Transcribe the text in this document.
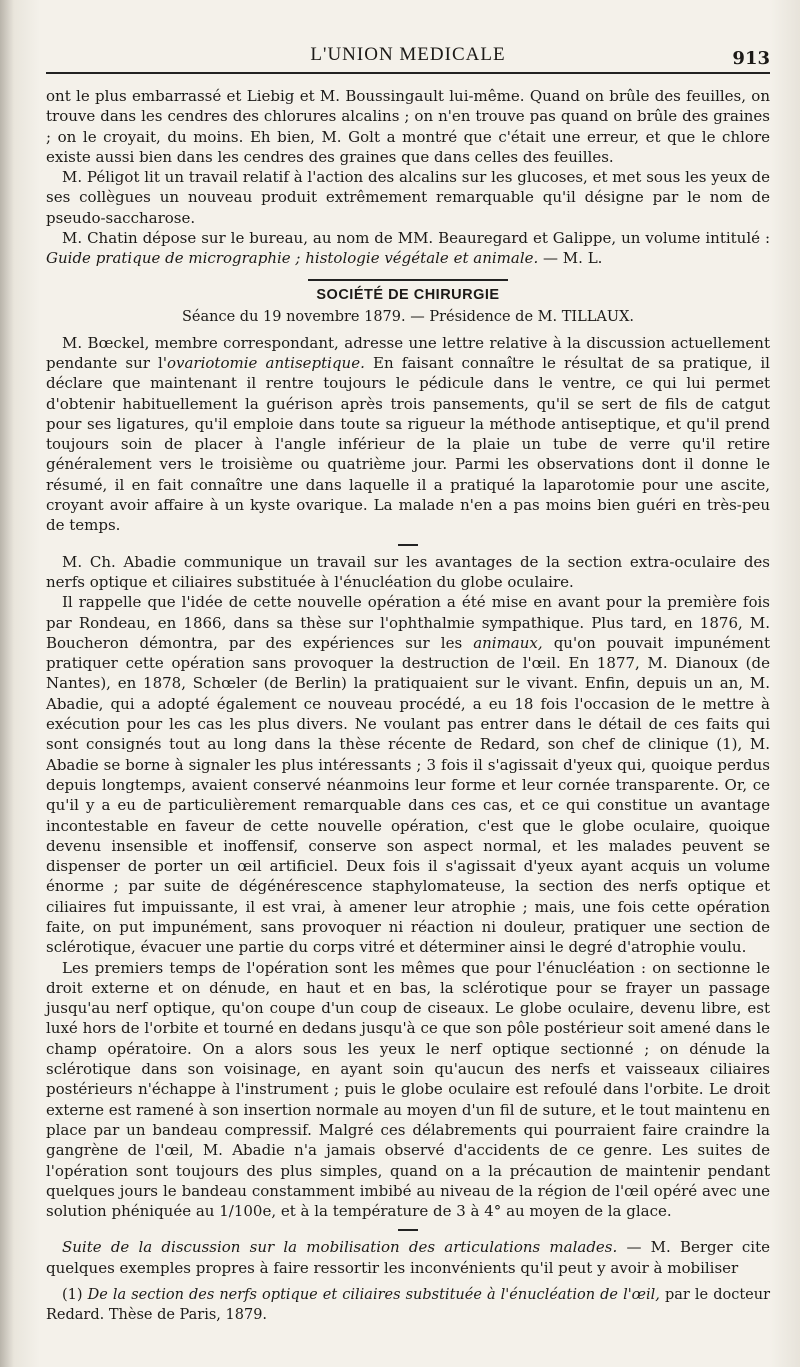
L'UNION MEDICALE	913

ont le plus embarrassé et Liebig et M. Boussingault lui-même. Quand on brûle des feuilles, on trouve dans les cendres des chlorures alcalins ; on n'en trouve pas quand on brûle des graines ; on le croyait, du moins. Eh bien, M. Golt a montré que c'était une erreur, et que le chlore existe aussi bien dans les cendres des graines que dans celles des feuilles.

M. Péligot lit un travail relatif à l'action des alcalins sur les glucoses, et met sous les yeux de ses collègues un nouveau produit extrêmement remarquable qu'il désigne par le nom de pseudo-saccharose.

M. Chatin dépose sur le bureau, au nom de MM. Beauregard et Galippe, un volume intitulé : Guide pratique de micrographie ; histologie végétale et animale. — M. L.

SOCIÉTÉ DE CHIRURGIE
Séance du 19 novembre 1879. — Présidence de M. TILLAUX.

M. Bœckel, membre correspondant, adresse une lettre relative à la discussion actuellement pendante sur l'ovariotomie antiseptique. En faisant connaître le résultat de sa pratique, il déclare que maintenant il rentre toujours le pédicule dans le ventre, ce qui lui permet d'obtenir habituellement la guérison après trois pansements, qu'il se sert de fils de catgut pour ses ligatures, qu'il emploie dans toute sa rigueur la méthode antiseptique, et qu'il prend toujours soin de placer à l'angle inférieur de la plaie un tube de verre qu'il retire généralement vers le troisième ou quatrième jour. Parmi les observations dont il donne le résumé, il en fait connaître une dans laquelle il a pratiqué la laparotomie pour une ascite, croyant avoir affaire à un kyste ovarique. La malade n'en a pas moins bien guéri en très-peu de temps.

M. Ch. Abadie communique un travail sur les avantages de la section extra-oculaire des nerfs optique et ciliaires substituée à l'énucléation du globe oculaire.

Il rappelle que l'idée de cette nouvelle opération a été mise en avant pour la première fois par Rondeau, en 1866, dans sa thèse sur l'ophthalmie sympathique. Plus tard, en 1876, M. Boucheron démontra, par des expériences sur les animaux, qu'on pouvait impunément pratiquer cette opération sans provoquer la destruction de l'œil. En 1877, M. Dianoux (de Nantes), en 1878, Schœler (de Berlin) la pratiquaient sur le vivant. Enfin, depuis un an, M. Abadie, qui a adopté également ce nouveau procédé, a eu 18 fois l'occasion de le mettre à exécution pour les cas les plus divers. Ne voulant pas entrer dans le détail de ces faits qui sont consignés tout au long dans la thèse récente de Redard, son chef de clinique (1), M. Abadie se borne à signaler les plus intéressants ; 3 fois il s'agissait d'yeux qui, quoique perdus depuis longtemps, avaient conservé néanmoins leur forme et leur cornée transparente. Or, ce qu'il y a eu de particulièrement remarquable dans ces cas, et ce qui constitue un avantage incontestable en faveur de cette nouvelle opération, c'est que le globe oculaire, quoique devenu insensible et inoffensif, conserve son aspect normal, et les malades peuvent se dispenser de porter un œil artificiel. Deux fois il s'agissait d'yeux ayant acquis un volume énorme ; par suite de dégénérescence staphylomateuse, la section des nerfs optique et ciliaires fut impuissante, il est vrai, à amener leur atrophie ; mais, une fois cette opération faite, on put impunément, sans provoquer ni réaction ni douleur, pratiquer une section de sclérotique, évacuer une partie du corps vitré et déterminer ainsi le degré d'atrophie voulu.

Les premiers temps de l'opération sont les mêmes que pour l'énucléation : on sectionne le droit externe et on dénude, en haut et en bas, la sclérotique pour se frayer un passage jusqu'au nerf optique, qu'on coupe d'un coup de ciseaux. Le globe oculaire, devenu libre, est luxé hors de l'orbite et tourné en dedans jusqu'à ce que son pôle postérieur soit amené dans le champ opératoire. On a alors sous les yeux le nerf optique sectionné ; on dénude la sclérotique dans son voisinage, en ayant soin qu'aucun des nerfs et vaisseaux ciliaires postérieurs n'échappe à l'instrument ; puis le globe oculaire est refoulé dans l'orbite. Le droit externe est ramené à son insertion normale au moyen d'un fil de suture, et le tout maintenu en place par un bandeau compressif. Malgré ces délabrements qui pourraient faire craindre la gangrène de l'œil, M. Abadie n'a jamais observé d'accidents de ce genre. Les suites de l'opération sont toujours des plus simples, quand on a la précaution de maintenir pendant quelques jours le bandeau constamment imbibé au niveau de la région de l'œil opéré avec une solution phéniquée au 1/100e, et à la température de 3 à 4° au moyen de la glace.

Suite de la discussion sur la mobilisation des articulations malades. — M. Berger cite quelques exemples propres à faire ressortir les inconvénients qu'il peut y avoir à mobiliser

(1) De la section des nerfs optique et ciliaires substituée à l'énucléation de l'œil, par le docteur Redard. Thèse de Paris, 1879.
